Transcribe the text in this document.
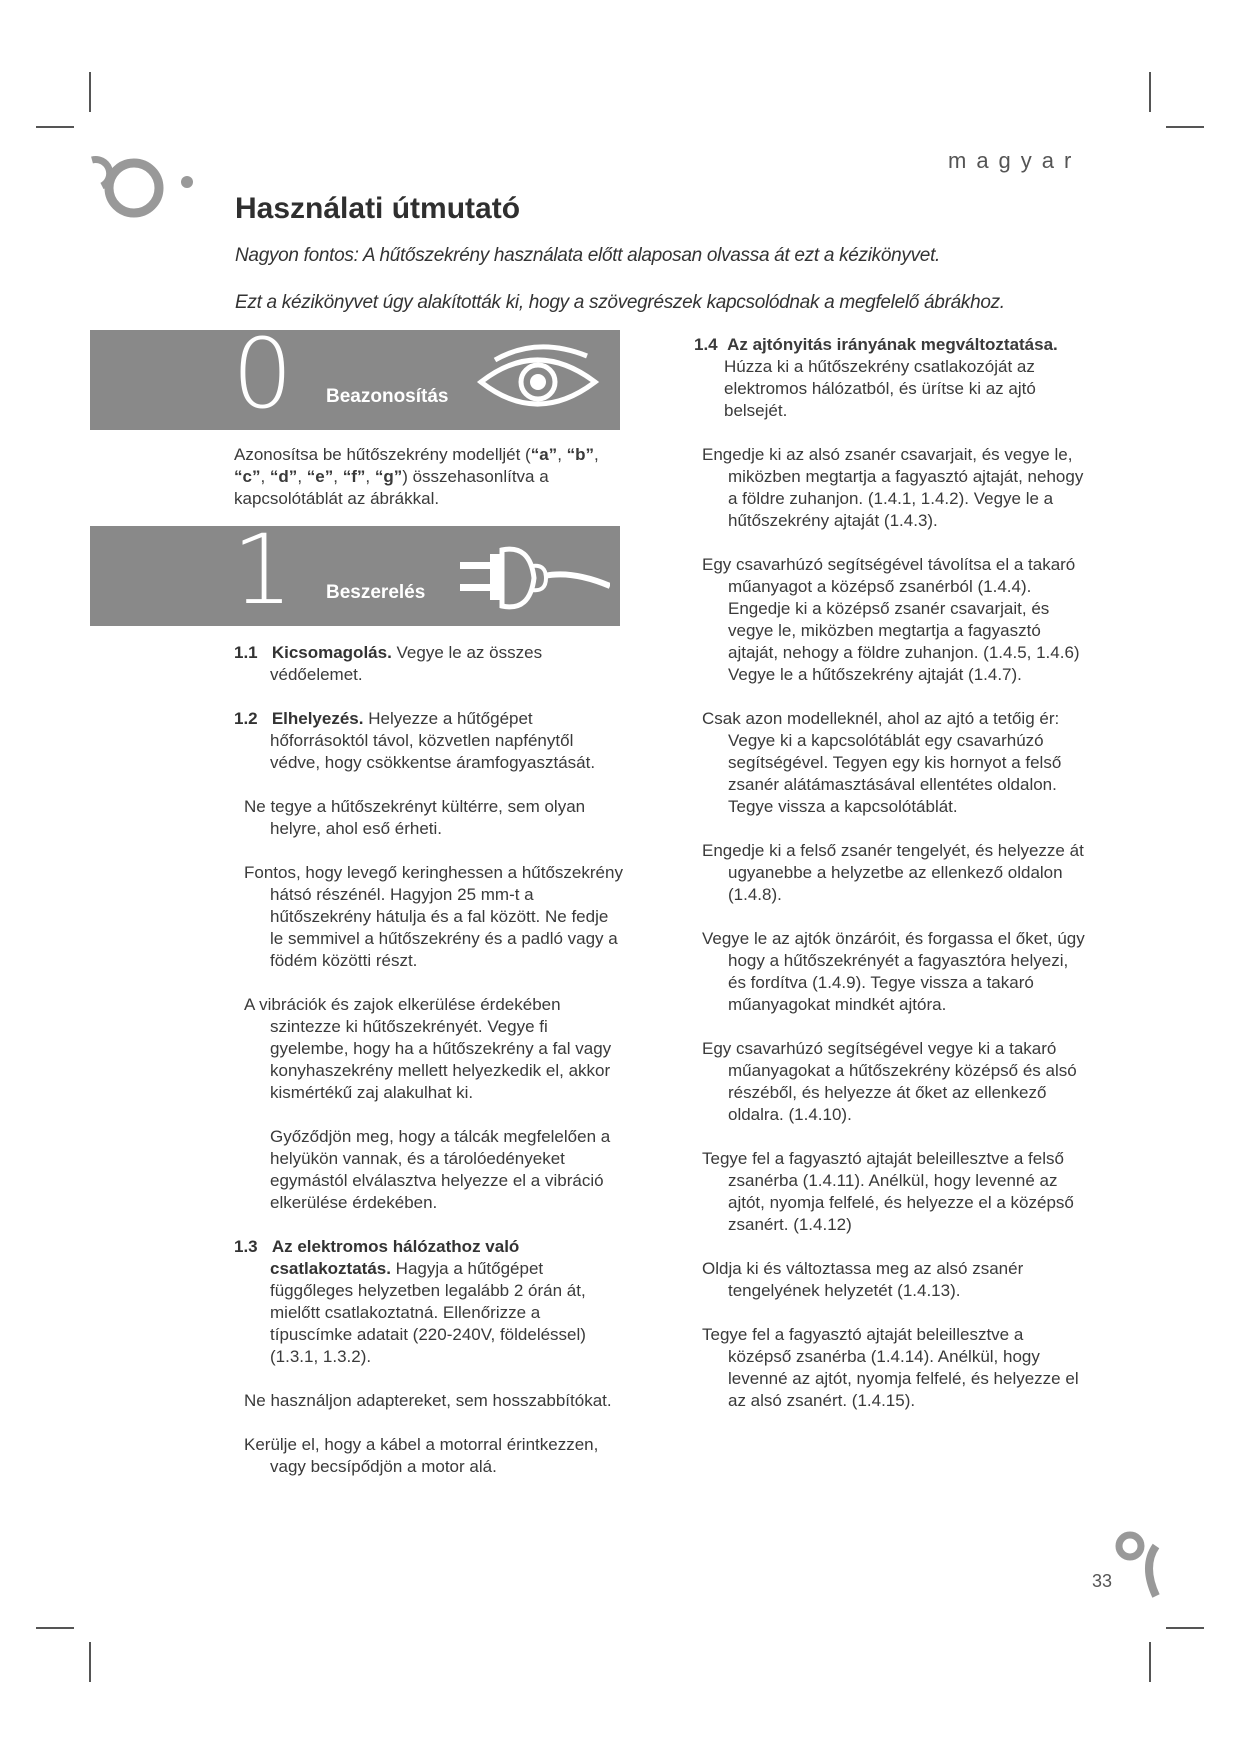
magyar
Használati útmutató

Nagyon fontos: A hűtőszekrény használata előtt alaposan olvassa át ezt a kézikönyvet.

Ezt a kézikönyvet úgy alakították ki, hogy a szövegrészek kapcsolódnak a megfelelő ábrákhoz.

0 Beazonosítás

Azonosítsa be hűtőszekrény modelljét (“a”, “b”, “c”, “d”, “e”, “f”, “g”) összehasonlítva a kapcsolótáblát az ábrákkal.

1 Beszerelés

1.1 Kicsomagolás. Vegye le az összes védőelemet.

1.2 Elhelyezés. Helyezze a hűtőgépet hőforrásoktól távol, közvetlen napfénytől védve, hogy csökkentse áramfogyasztását.

Ne tegye a hűtőszekrényt kültérre, sem olyan helyre, ahol eső érheti.

Fontos, hogy levegő keringhessen a hűtőszekrény hátsó részénél. Hagyjon 25 mm-t a hűtőszekrény hátulja és a fal között. Ne fedje le semmivel a hűtőszekrény és a padló vagy a födém közötti részt.

A vibrációk és zajok elkerülése érdekében szintezze ki hűtőszekrényét. Vegye fi gyelembe, hogy ha a hűtőszekrény a fal vagy konyhaszekrény mellett helyezkedik el, akkor kismértékű zaj alakulhat ki.

Győződjön meg, hogy a tálcák megfelelően a helyükön vannak, és a tárolóedényeket egymástól elválasztva helyezze el a vibráció elkerülése érdekében.

1.3 Az elektromos hálózathoz való csatlakoztatás. Hagyja a hűtőgépet függőleges helyzetben legalább 2 órán át, mielőtt csatlakoztatná. Ellenőrizze a típuscímke adatait (220-240V, földeléssel) (1.3.1, 1.3.2).

Ne használjon adaptereket, sem hosszabbítókat.

Kerülje el, hogy a kábel a motorral érintkezzen, vagy becsípődjön a motor alá.

1.4 Az ajtónyitás irányának megváltoztatása.
Húzza ki a hűtőszekrény csatlakozóját az elektromos hálózatból, és ürítse ki az ajtó belsejét.

Engedje ki az alsó zsanér csavarjait, és vegye le, miközben megtartja a fagyasztó ajtaját, nehogy a földre zuhanjon. (1.4.1, 1.4.2). Vegye le a hűtőszekrény ajtaját (1.4.3).

Egy csavarhúzó segítségével távolítsa el a takaró műanyagot a középső zsanérból (1.4.4). Engedje ki a középső zsanér csavarjait, és vegye le, miközben megtartja a fagyasztó ajtaját, nehogy a földre zuhanjon. (1.4.5, 1.4.6) Vegye le a hűtőszekrény ajtaját (1.4.7).

Csak azon modelleknél, ahol az ajtó a tetőig ér: Vegye ki a kapcsolótáblát egy csavarhúzó segítségével. Tegyen egy kis hornyot a felső zsanér alátámasztásával ellentétes oldalon. Tegye vissza a kapcsolótáblát.

Engedje ki a felső zsanér tengelyét, és helyezze át ugyanebbe a helyzetbe az ellenkező oldalon (1.4.8).

Vegye le az ajtók önzáróit, és forgassa el őket, úgy hogy a hűtőszekrényét a fagyasztóra helyezi, és fordítva (1.4.9). Tegye vissza a takaró műanyagokat mindkét ajtóra.

Egy csavarhúzó segítségével vegye ki a takaró műanyagokat a hűtőszekrény középső és alsó részéből, és helyezze át őket az ellenkező oldalra. (1.4.10).

Tegye fel a fagyasztó ajtaját beleillesztve a felső zsanérba (1.4.11). Anélkül, hogy levenné az ajtót, nyomja felfelé, és helyezze el a középső zsanért. (1.4.12)

Oldja ki és változtassa meg az alsó zsanér tengelyének helyzetét (1.4.13).

Tegye fel a fagyasztó ajtaját beleillesztve a középső zsanérba (1.4.14). Anélkül, hogy levenné az ajtót, nyomja felfelé, és helyezze el az alsó zsanért. (1.4.15).

33
